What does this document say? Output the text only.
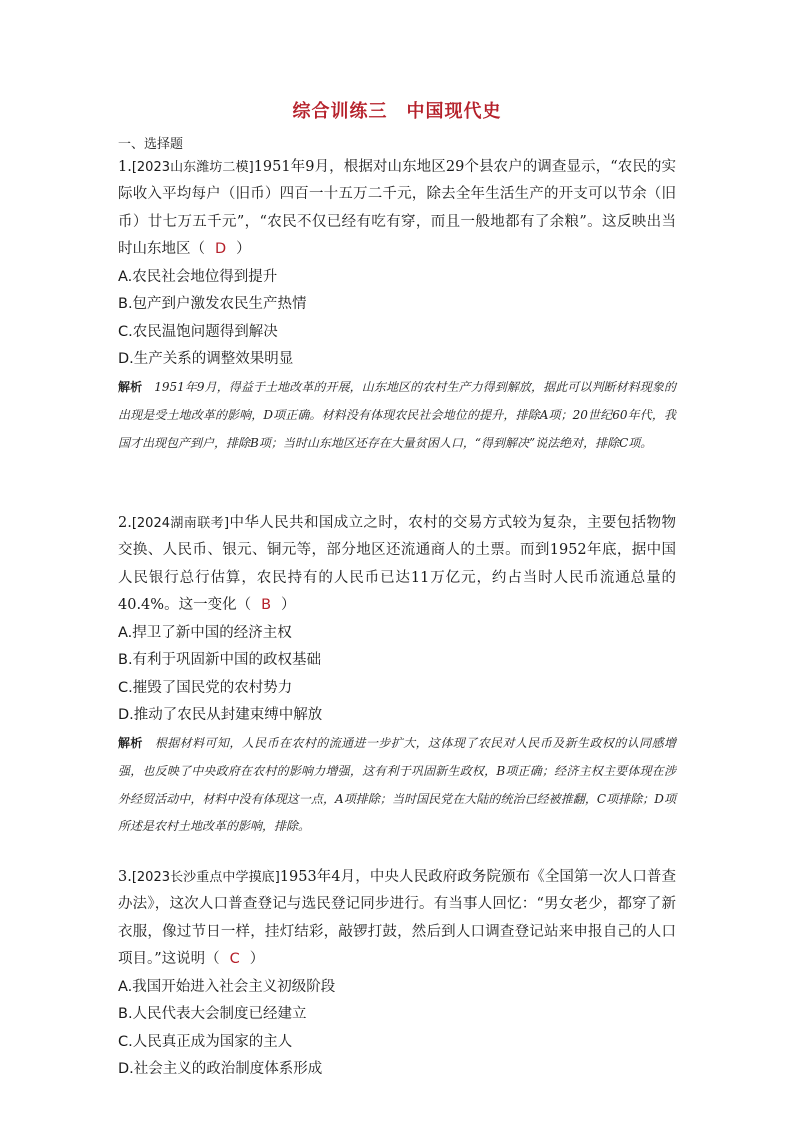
综合训练三　中国现代史
一、选择题
1.[2023山东潍坊二模]1951年9月，根据对山东地区29个县农户的调查显示，“农民的实际收入平均每户（旧币）四百一十五万二千元，除去全年生活生产的开支可以节余（旧币）廿七万五千元”，“农民不仅已经有吃有穿，而且一般地都有了余粮”。这反映出当时山东地区（ D ）
A.农民社会地位得到提升
B.包产到户激发农民生产热情
C.农民温饱问题得到解决
D.生产关系的调整效果明显
解析 1951年9月，得益于土地改革的开展，山东地区的农村生产力得到解放，据此可以判断材料现象的出现是受土地改革的影响，D项正确。材料没有体现农民社会地位的提升，排除A项；20世纪60年代，我国才出现包产到户，排除B项；当时山东地区还存在大量贫困人口，“得到解决”说法绝对，排除C项。
2.[2024湖南联考]中华人民共和国成立之时，农村的交易方式较为复杂，主要包括物物交换、人民币、银元、铜元等，部分地区还流通商人的土票。而到1952年底，据中国人民银行总行估算，农民持有的人民币已达11万亿元，约占当时人民币流通总量的40.4%。这一变化（ B ）
A.捍卫了新中国的经济主权
B.有利于巩固新中国的政权基础
C.摧毁了国民党的农村势力
D.推动了农民从封建束缚中解放
解析 根据材料可知，人民币在农村的流通进一步扩大，这体现了农民对人民币及新生政权的认同感增强，也反映了中央政府在农村的影响力增强，这有利于巩固新生政权，B项正确；经济主权主要体现在涉外经贸活动中，材料中没有体现这一点，A项排除；当时国民党在大陆的统治已经被推翻，C项排除；D项所述是农村土地改革的影响，排除。
3.[2023长沙重点中学摸底]1953年4月，中央人民政府政务院颁布《全国第一次人口普查办法》，这次人口普查登记与选民登记同步进行。有当事人回忆：“男女老少，都穿了新衣服，像过节日一样，挂灯结彩，敲锣打鼓，然后到人口调查登记站来申报自己的人口项目。”这说明（ C ）
A.我国开始进入社会主义初级阶段
B.人民代表大会制度已经建立
C.人民真正成为国家的主人
D.社会主义的政治制度体系形成
